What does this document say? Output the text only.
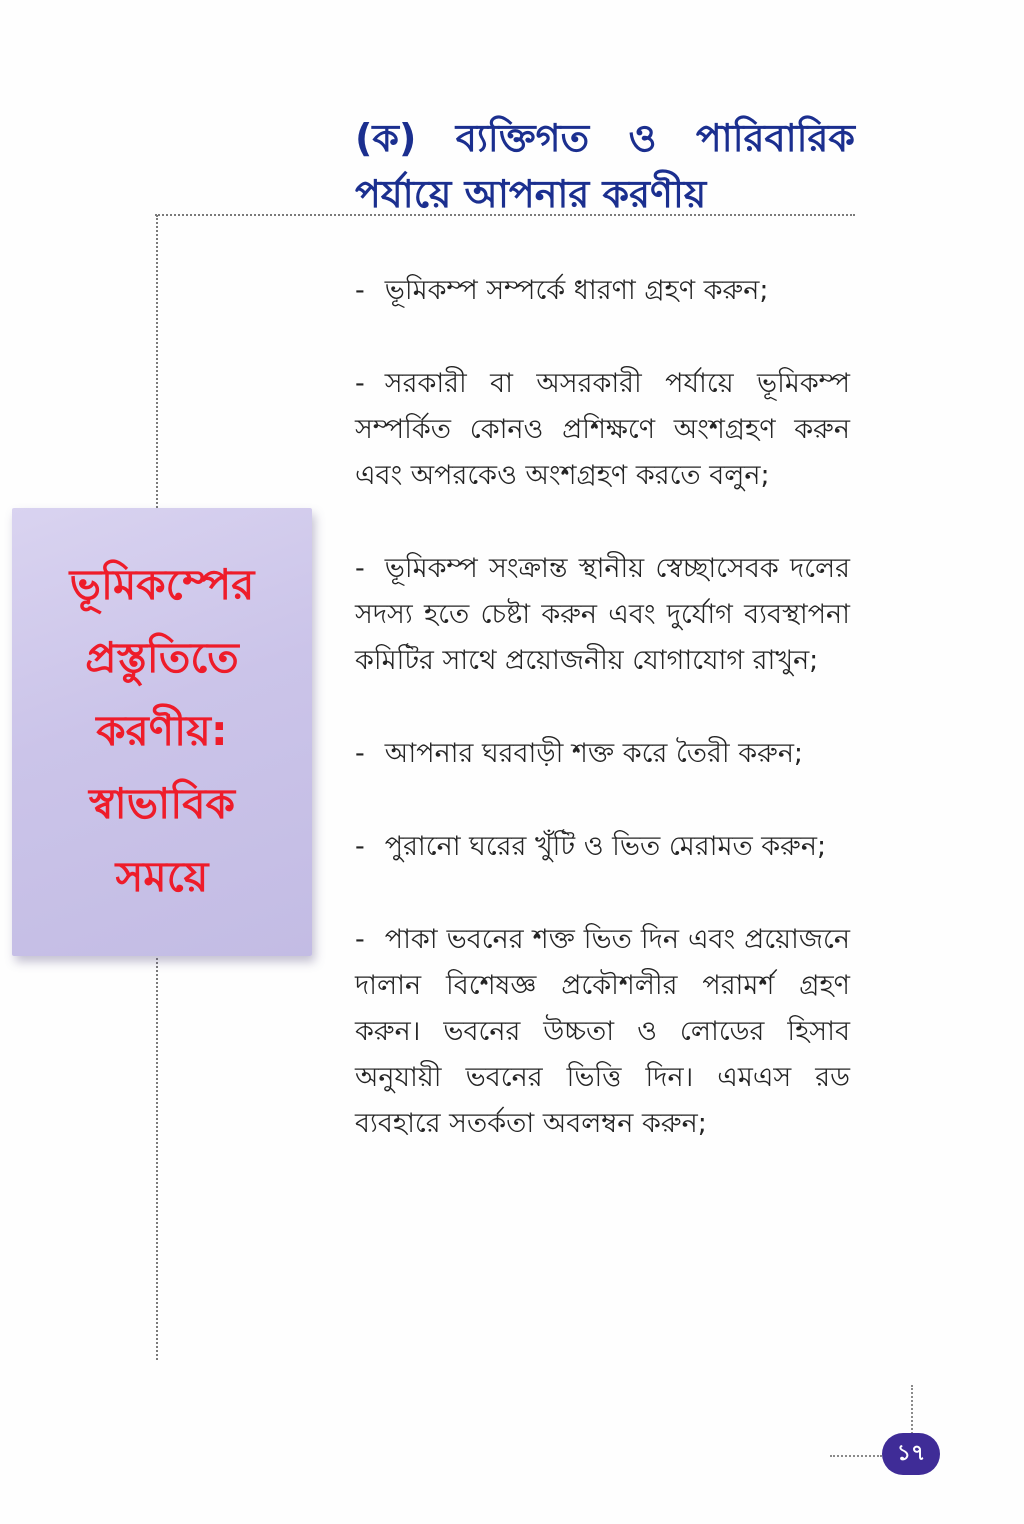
(ক) ব্যক্তিগত ও পারিবারিক
পর্যায়ে আপনার করণীয়
ভূমিকম্পের
প্রস্তুতিতে
করণীয়:
স্বাভাবিক
সময়ে

- ভূমিকম্প সম্পর্কে ধারণা গ্রহণ করুন;

- সরকারী বা অসরকারী পর্যায়ে ভূমিকম্প সম্পর্কিত কোনও প্রশিক্ষণে অংশগ্রহণ করুন এবং অপরকেও অংশগ্রহণ করতে বলুন;

- ভূমিকম্প সংক্রান্ত স্থানীয় স্বেচ্ছাসেবক দলের সদস্য হতে চেষ্টা করুন এবং দুর্যোগ ব্যবস্থাপনা কমিটির সাথে প্রয়োজনীয় যোগাযোগ রাখুন;

- আপনার ঘরবাড়ী শক্ত করে তৈরী করুন;

- পুরানো ঘরের খুঁটি ও ভিত মেরামত করুন;

- পাকা ভবনের শক্ত ভিত দিন এবং প্রয়োজনে দালান বিশেষজ্ঞ প্রকৌশলীর পরামর্শ গ্রহণ করুন। ভবনের উচ্চতা ও লোডের হিসাব অনুযায়ী ভবনের ভিত্তি দিন। এমএস রড ব্যবহারে সতর্কতা অবলম্বন করুন;

১৭
